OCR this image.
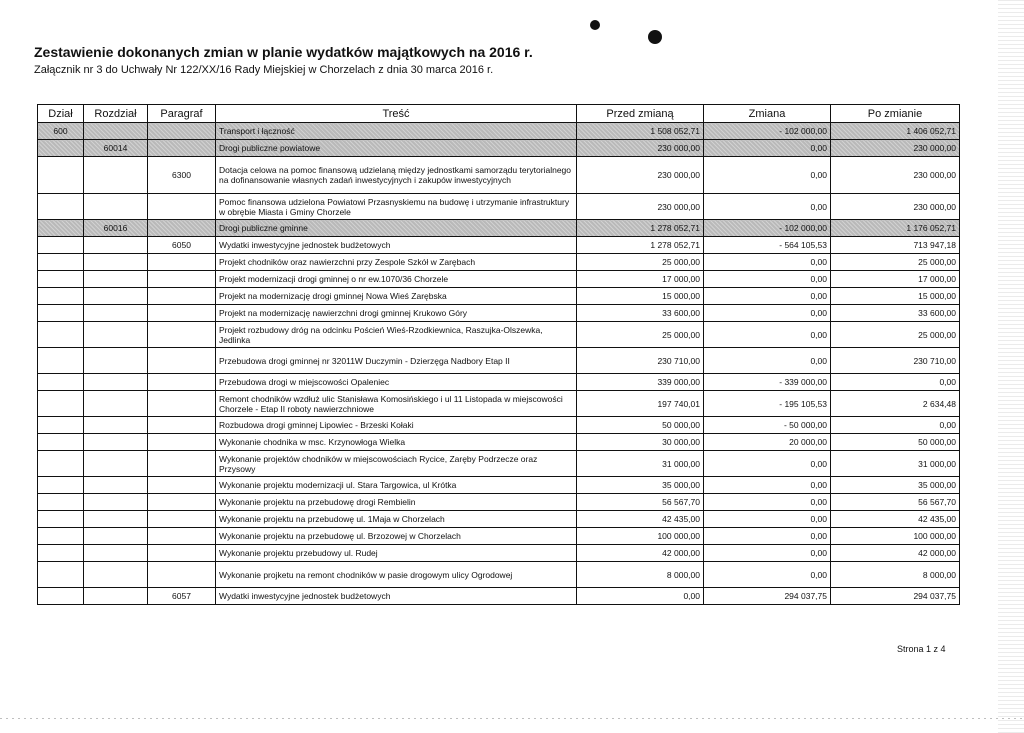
Zestawienie dokonanych zmian w planie wydatków majątkowych na 2016 r.
Załącznik nr 3 do Uchwały Nr 122/XX/16 Rady Miejskiej w Chorzelach z dnia 30 marca 2016 r.
Dział	Rozdział	Paragraf	Treść	Przed zmianą	Zmiana	Po zmianie
600			Transport i łączność	1 508 052,71	- 102 000,00	1 406 052,71
	60014		Drogi publiczne powiatowe	230 000,00	0,00	230 000,00
		6300	Dotacja celowa na pomoc finansową udzielaną między jednostkami samorządu terytorialnego na dofinansowanie własnych zadań inwestycyjnych i zakupów inwestycyjnych	230 000,00	0,00	230 000,00
			Pomoc finansowa udzielona Powiatowi Przasnyskiemu na budowę i utrzymanie infrastruktury w obrębie Miasta i Gminy Chorzele	230 000,00	0,00	230 000,00
	60016		Drogi publiczne gminne	1 278 052,71	- 102 000,00	1 176 052,71
		6050	Wydatki inwestycyjne jednostek budżetowych	1 278 052,71	- 564 105,53	713 947,18
			Projekt chodników oraz nawierzchni przy Zespole Szkół w Zarębach	25 000,00	0,00	25 000,00
			Projekt modernizacji drogi gminnej o nr ew.1070/36 Chorzele	17 000,00	0,00	17 000,00
			Projekt na modernizację drogi gminnej Nowa Wieś Zarębska	15 000,00	0,00	15 000,00
			Projekt na modernizację nawierzchni drogi gminnej Krukowo Góry	33 600,00	0,00	33 600,00
			Projekt rozbudowy dróg na odcinku Poścień Wieś-Rzodkiewnica, Raszujka-Olszewka, Jedlinka	25 000,00	0,00	25 000,00
			Przebudowa drogi gminnej nr 32011W Duczymin - Dzierzęga Nadbory Etap II	230 710,00	0,00	230 710,00
			Przebudowa drogi w miejscowości Opaleniec	339 000,00	- 339 000,00	0,00
			Remont chodników wzdłuż ulic Stanisława Komosińskiego i ul 11 Listopada w miejscowości Chorzele - Etap II roboty nawierzchniowe	197 740,01	- 195 105,53	2 634,48
			Rozbudowa drogi gminnej Lipowiec - Brzeski Kołaki	50 000,00	- 50 000,00	0,00
			Wykonanie chodnika w msc. Krzynowłoga Wielka	30 000,00	20 000,00	50 000,00
			Wykonanie projektów chodników w miejscowościach Rycice, Zaręby Podrzecze oraz Przysowy	31 000,00	0,00	31 000,00
			Wykonanie projektu modernizacji ul. Stara Targowica, ul Krótka	35 000,00	0,00	35 000,00
			Wykonanie projektu na przebudowę drogi Rembielin	56 567,70	0,00	56 567,70
			Wykonanie projektu na przebudowę ul. 1Maja w Chorzelach	42 435,00	0,00	42 435,00
			Wykonanie projektu na przebudowę ul. Brzozowej w Chorzelach	100 000,00	0,00	100 000,00
			Wykonanie projektu przebudowy ul. Rudej	42 000,00	0,00	42 000,00
			Wykonanie projketu na remont chodników w pasie drogowym ulicy Ogrodowej	8 000,00	0,00	8 000,00
		6057	Wydatki inwestycyjne jednostek budżetowych	0,00	294 037,75	294 037,75
Strona 1 z 4
